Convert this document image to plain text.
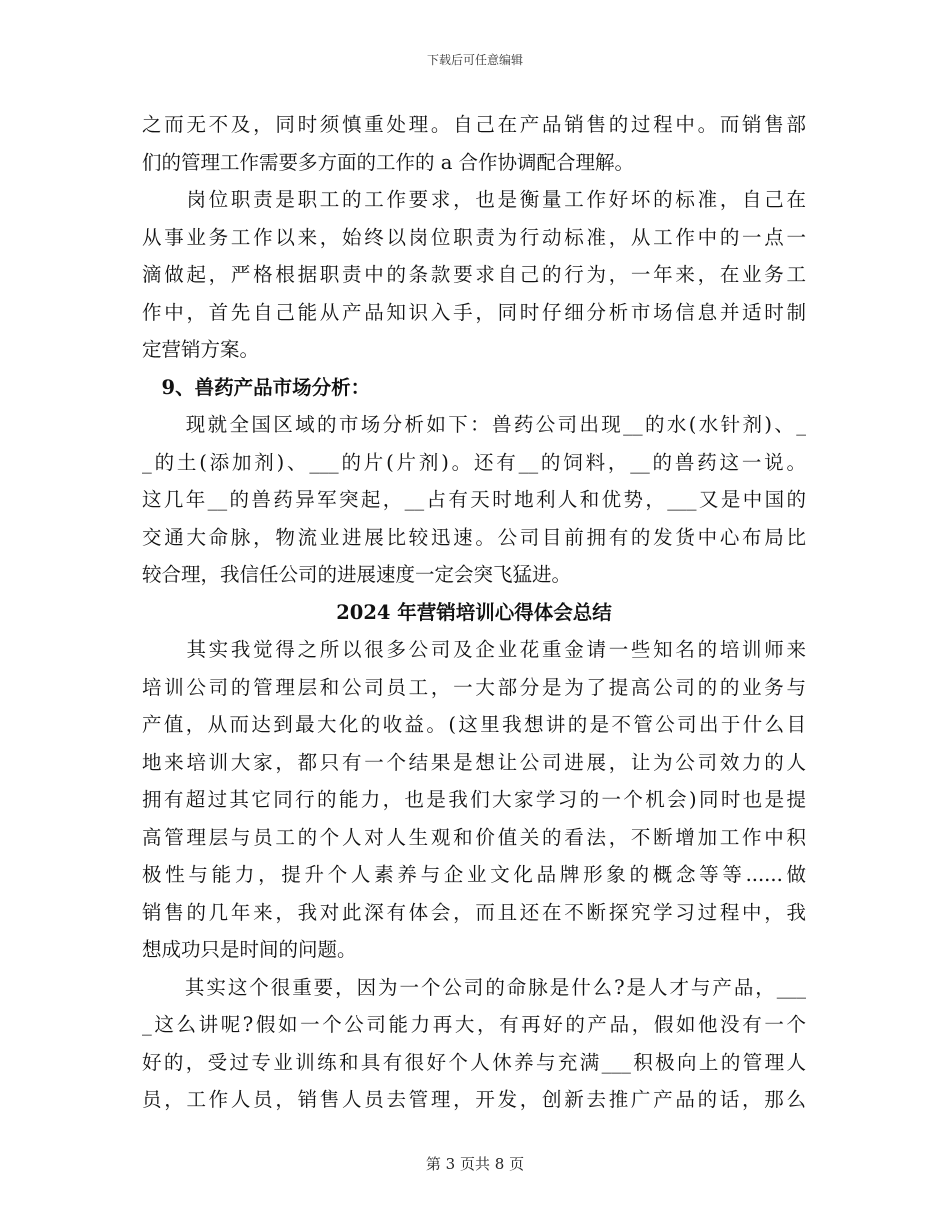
下载后可任意编辑
之而无不及，同时须慎重处理。自己在产品销售的过程中。而销售部
们的管理工作需要多方面的工作的 a 合作协调配合理解。
　　岗位职责是职工的工作要求，也是衡量工作好坏的标准，自己在
从事业务工作以来，始终以岗位职责为行动标准，从工作中的一点一
滴做起，严格根据职责中的条款要求自己的行为，一年来，在业务工
作中，首先自己能从产品知识入手，同时仔细分析市场信息并适时制
定营销方案。
　9、兽药产品市场分析：
　　现就全国区域的市场分析如下：兽药公司出现__的水(水针剂)、_
_的土(添加剂)、___的片(片剂)。还有__的饲料，__的兽药这一说。
这几年__的兽药异军突起，__占有天时地利人和优势，___又是中国的
交通大命脉，物流业进展比较迅速。公司目前拥有的发货中心布局比
较合理，我信任公司的进展速度一定会突飞猛进。
2024 年营销培训心得体会总结
　　其实我觉得之所以很多公司及企业花重金请一些知名的培训师来
培训公司的管理层和公司员工，一大部分是为了提高公司的的业务与
产值，从而达到最大化的收益。(这里我想讲的是不管公司出于什么目
地来培训大家，都只有一个结果是想让公司进展，让为公司效力的人
拥有超过其它同行的能力，也是我们大家学习的一个机会)同时也是提
高管理层与员工的个人对人生观和价值关的看法，不断增加工作中积
极性与能力，提升个人素养与企业文化品牌形象的概念等等......做
销售的几年来，我对此深有体会，而且还在不断探究学习过程中，我
想成功只是时间的问题。
　　其实这个很重要，因为一个公司的命脉是什么?是人才与产品，___
_这么讲呢?假如一个公司能力再大，有再好的产品，假如他没有一个
好的，受过专业训练和具有很好个人休养与充满___积极向上的管理人
员，工作人员，销售人员去管理，开发，创新去推广产品的话，那么
第 3 页共 8 页
